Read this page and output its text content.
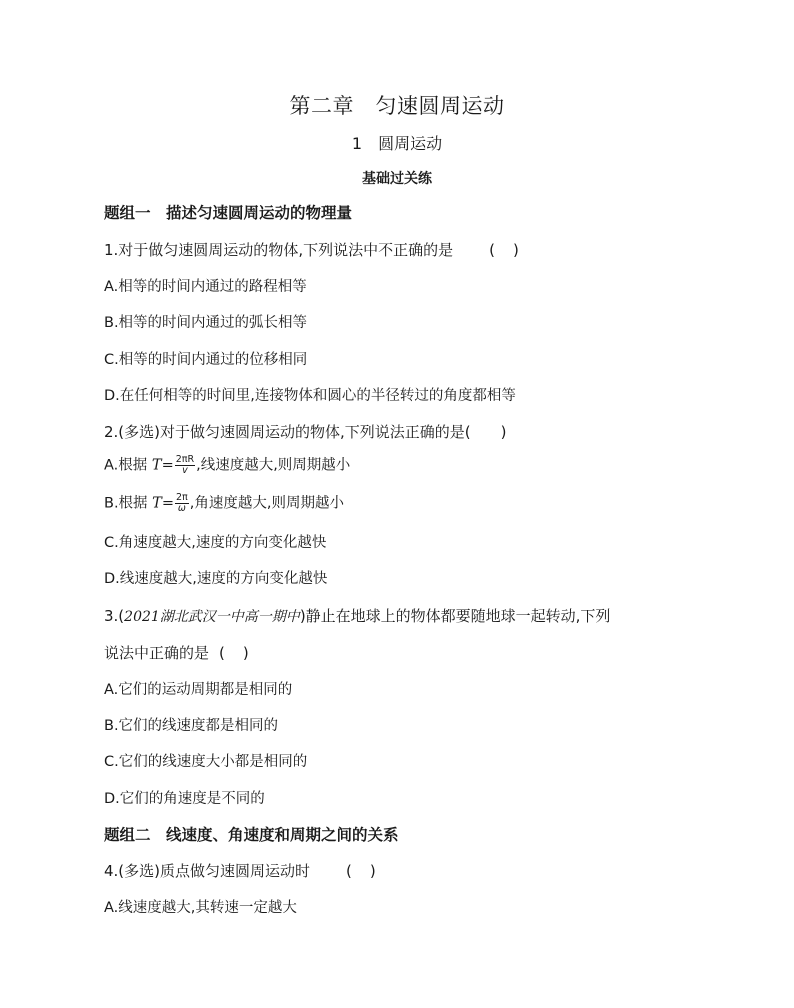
第二章　匀速圆周运动
1　圆周运动
基础过关练
题组一　描述匀速圆周运动的物理量
1.对于做匀速圆周运动的物体,下列说法中不正确的是 ()
A.相等的时间内通过的路程相等
B.相等的时间内通过的弧长相等
C.相等的时间内通过的位移相同
D.在任何相等的时间里,连接物体和圆心的半径转过的角度都相等
2.(多选)对于做匀速圆周运动的物体,下列说法正确的是( )
A.根据 $T= \frac{2\pi R}{v}$ ,线速度越大,则周期越小
B.根据 $T= \frac{2\pi}{\omega}$ ,角速度越大,则周期越小
C.角速度越大,速度的方向变化越快
D.线速度越大,速度的方向变化越快
3.(2021湖北武汉一中高一期中)静止在地球上的物体都要随地球一起转动,下列
说法中正确的是 ()
A.它们的运动周期都是相同的
B.它们的线速度都是相同的
C.它们的线速度大小都是相同的
D.它们的角速度是不同的
题组二　线速度、角速度和周期之间的关系
4.(多选)质点做匀速圆周运动时 ()
A.线速度越大,其转速一定越大
